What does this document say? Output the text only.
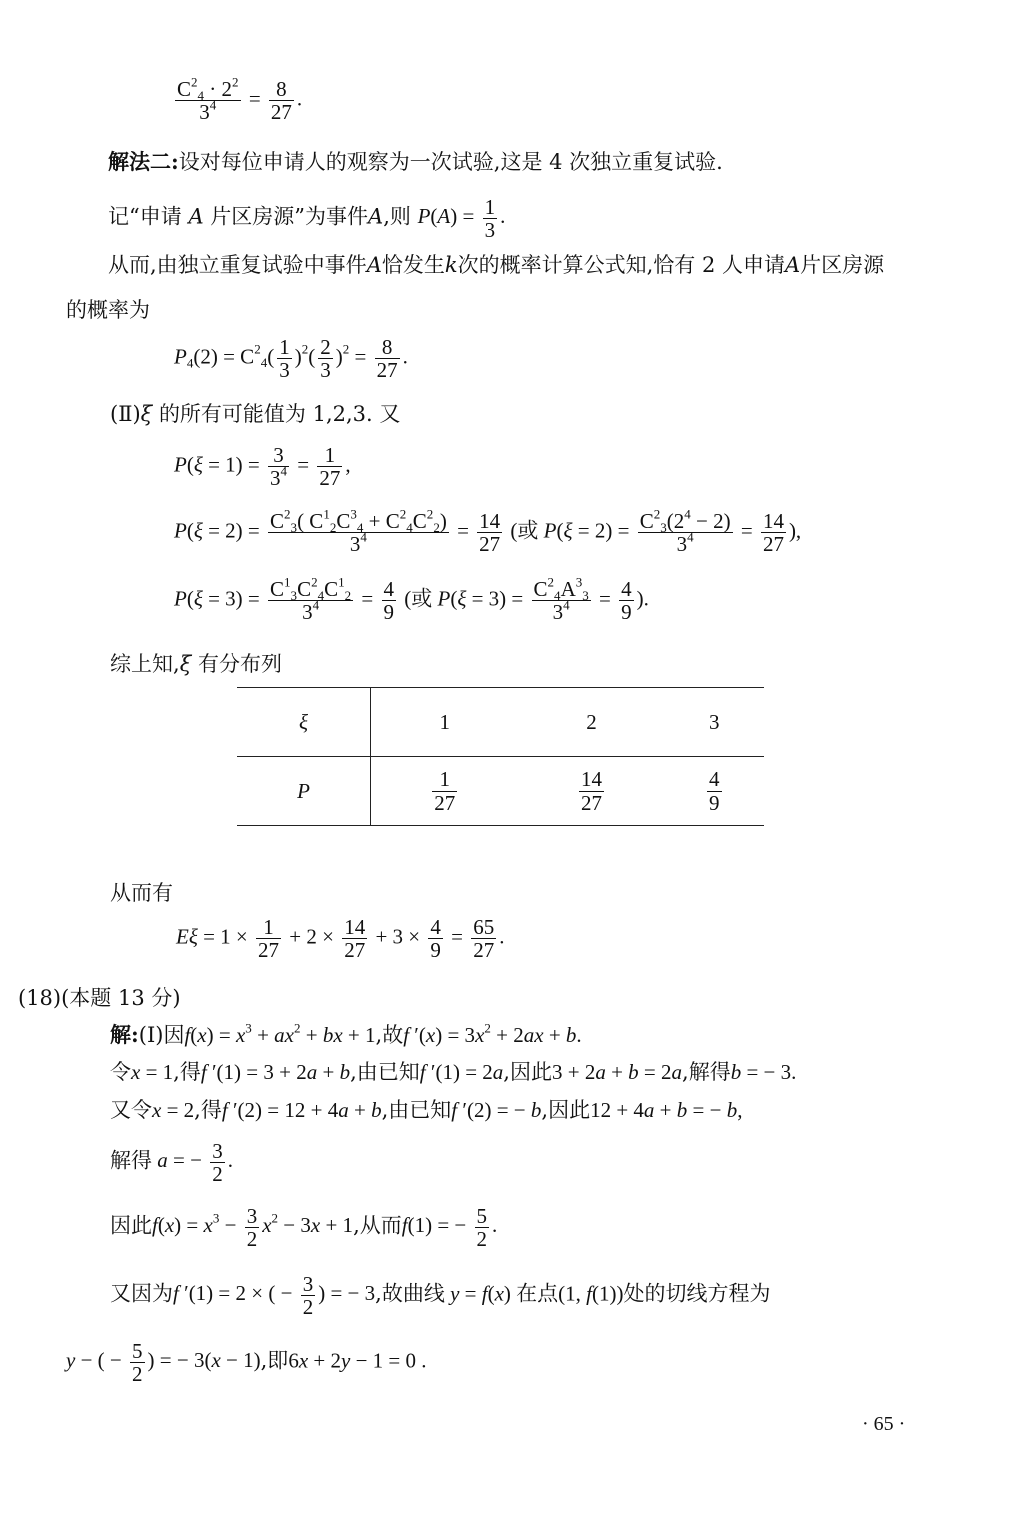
$\frac{C^2_4 \cdot 2^2}{3^4} = \frac{8}{27}$ .
解法二:设对每位申请人的观察为一次试验,这是 4 次独立重复试验.
记“申请 A 片区房源”为事件A,则 $P(A) = \frac{1}{3}$ .
从而,由独立重复试验中事件A恰发生k次的概率计算公式知,恰有 2 人申请A片区房源
的概率为
$P_4(2) = C^2_4( \frac{1}{3} )^2( \frac{2}{3} )^2 = \frac{8}{27}$ .
(Ⅱ)ξ 的所有可能值为 1,2,3. 又
$P(\xi = 1) = \frac{3}{3^4} = \frac{1}{27}$ ,
$P(\xi = 2) = \frac{C^2_3( C^1_2C^3_4 + C^2_4C^2_2)}{3^4} = \frac{14}{27}$ (或 $P(\xi = 2) = \frac{C^2_3(2^4 - 2)}{3^4} = \frac{14}{27}$ ),
$P(\xi = 3) = \frac{C^1_3C^2_4C^1_2}{3^4} = \frac{4}{9}$ (或 $P(\xi = 3) = \frac{C^2_4A^3_3}{3^4} = \frac{4}{9}$ ).
综上知,ξ 有分布列
ξ	1	2	3
P	$\frac{1}{27}$	$\frac{14}{27}$	$\frac{4}{9}$
从而有
$E\xi = 1 \times \frac{1}{27} + 2 \times \frac{14}{27} + 3 \times \frac{4}{9} = \frac{65}{27}$ .
(18)(本题 13 分)
解:(Ⅰ)因$f(x) = x^3 + ax^2$ + bx + 1,故f $'(x) = 3x^2 + 2ax + b$.
令x = 1,得f ′(1) = 3 + 2a + b,由已知f ′(1) = 2a,因此3 + 2a + b = 2a,解得b = − 3.
又令x = 2,得f ′(2) = 12 + 4a + b,由已知f ′(2) = − b,因此12 + 4a + b = − b,
解得 a = − $\frac{3}{2}$ .
因此$f(x) = x^3 - \frac{3}{2} x^2 - 3x + 1$,从而f(1) = − $\frac{5}{2}$ .
又因为f ′(1) = 2 × ( − $\frac{3}{2}$ ) = − 3,故曲线 y = f(x) 在点(1, f(1))处的切线方程为
y − ( − $\frac{5}{2}$ ) = − 3(x − 1),即6x + 2y − 1 = 0 .
· 65 ·
